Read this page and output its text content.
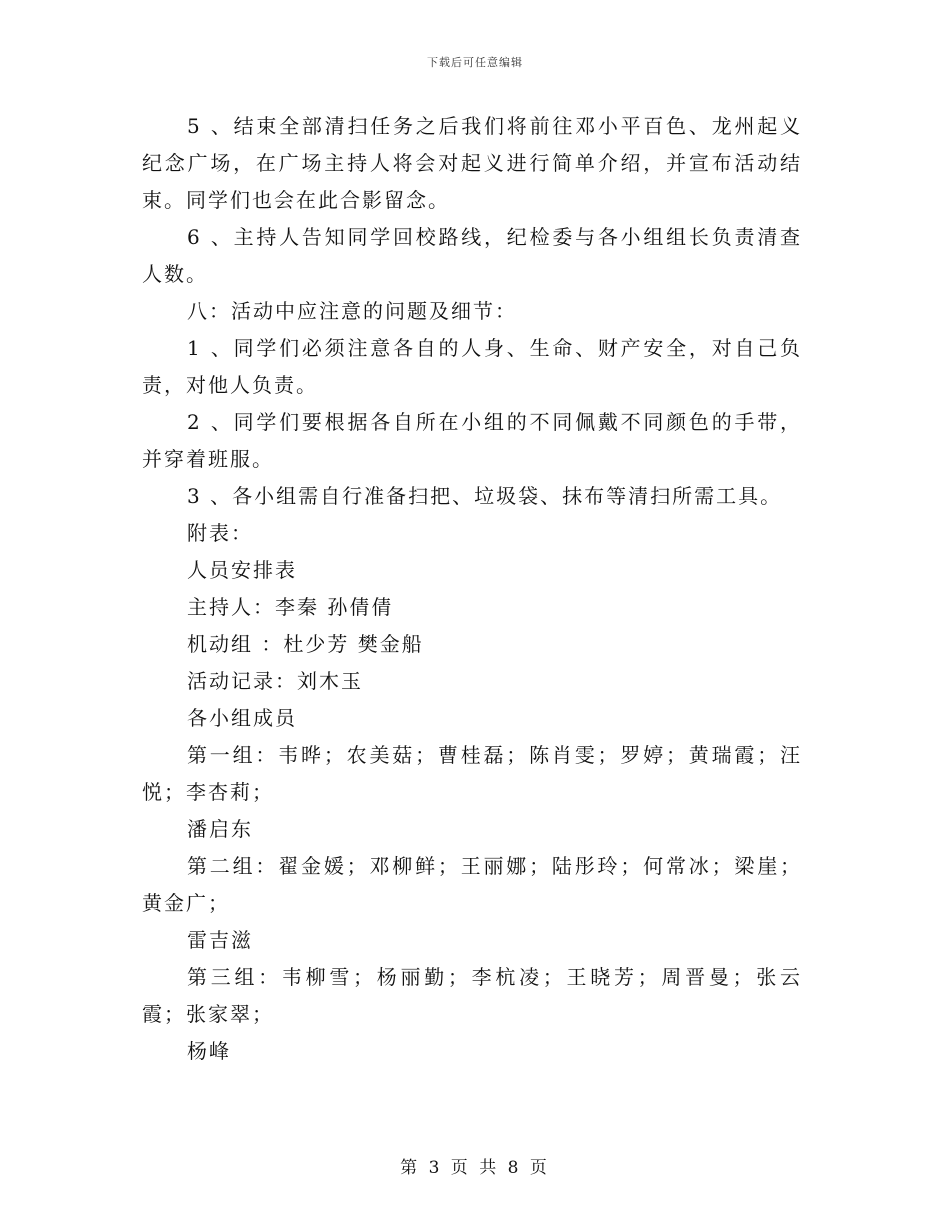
下载后可任意编辑

5 、结束全部清扫任务之后我们将前往邓小平百色、龙州起义纪念广场，在广场主持人将会对起义进行简单介绍，并宣布活动结束。同学们也会在此合影留念。

6 、主持人告知同学回校路线，纪检委与各小组组长负责清查人数。

八：活动中应注意的问题及细节：

1 、同学们必须注意各自的人身、生命、财产安全，对自己负责，对他人负责。

2 、同学们要根据各自所在小组的不同佩戴不同颜色的手带，并穿着班服。

3 、各小组需自行准备扫把、垃圾袋、抹布等清扫所需工具。

附表：

人员安排表

主持人：李秦 孙倩倩

机动组 ：杜少芳 樊金船

活动记录：刘木玉

各小组成员

第一组：韦晔；农美菇；曹桂磊；陈肖雯；罗婷；黄瑞霞；汪悦；李杏莉；

潘启东

第二组：翟金媛；邓柳鲜；王丽娜；陆彤玲；何常冰；梁崖；黄金广；

雷吉滋

第三组：韦柳雪；杨丽勤；李杭凌；王晓芳；周晋曼；张云霞；张家翠；

杨峰

第 3 页 共 8 页
